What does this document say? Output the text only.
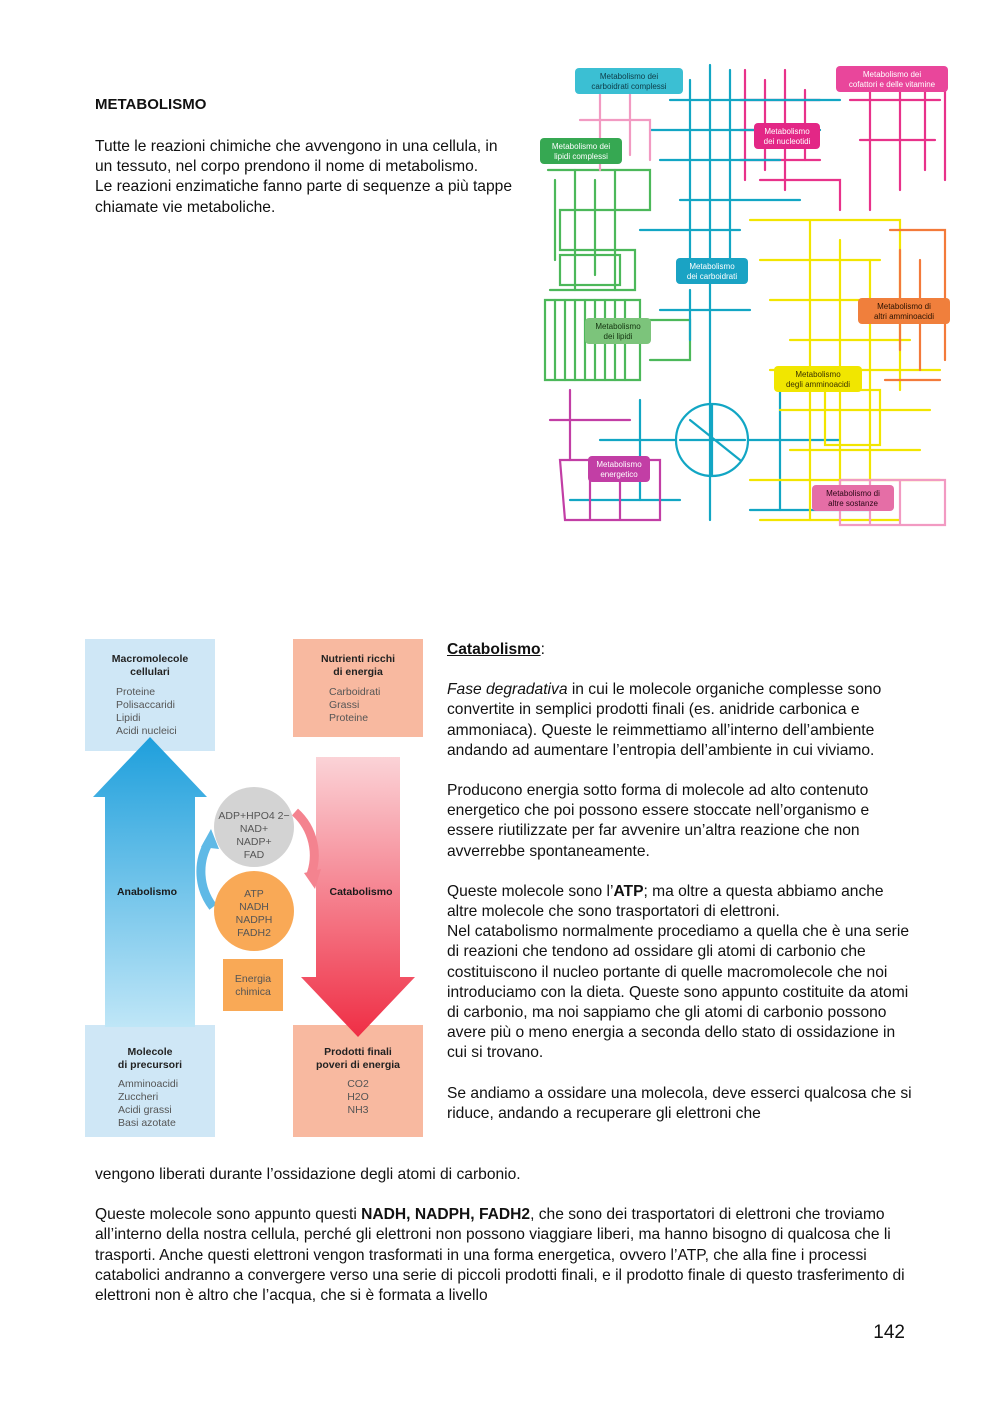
METABOLISMO

Tutte le reazioni chimiche che avvengono in una cellula, in un tessuto, nel corpo prendono il nome di metabolismo.

Le reazioni enzimatiche fanno parte di sequenze a più tappe chiamate vie metaboliche.

Metabolismo dei
carboidrati complessi
Metabolismo dei
cofattori e delle vitamine
Metabolismo dei
lipidi complessi
Metabolismo
dei nucleotidi
Metabolismo
dei carboidrati
Metabolismo di
altri amminoacidi
Metabolismo
dei lipidi
Metabolismo
degli amminoacidi
Metabolismo
energetico
Metabolismo di
altre sostanze
Macromolecole
cellulari
Nutrienti ricchi
di energia
Molecole
di precursori
Prodotti finali
poveri di energia
Anabolismo	Catabolismo
Proteine
Polisaccaridi
Lipidi
Acidi nucleici
Carboidrati
Grassi
Proteine
Amminoacidi
Zuccheri
Acidi grassi
Basi azotate
CO2
H2O
NH3
ADP+HPO4 2−
NAD+
NADP+
FAD
ATP
NADH
NADPH
FADH2
Energia
chimica

Catabolismo:

Fase degradativa in cui le molecole organiche complesse sono convertite in semplici prodotti finali (es. anidride carbonica e ammoniaca). Queste le reimmettiamo all’interno dell’ambiente andando ad aumentare l’entropia dell’ambiente in cui viviamo.

Producono energia sotto forma di molecole ad alto contenuto energetico che poi possono essere stoccate nell’organismo e essere riutilizzate per far avvenire un’altra reazione che non avverrebbe spontaneamente.

Queste molecole sono l’ATP; ma oltre a questa abbiamo anche altre molecole che sono trasportatori di elettroni.

Nel catabolismo normalmente procediamo a quella che è una serie di reazioni che tendono ad ossidare gli atomi di carbonio che costituiscono il nucleo portante di quelle macromolecole che noi introduciamo con la dieta. Queste sono appunto costituite da atomi di carbonio, ma noi sappiamo che gli atomi di carbonio possono avere più o meno energia a seconda dello stato di ossidazione in cui si trovano.

Se andiamo a ossidare una molecola, deve esserci qualcosa che si riduce, andando a recuperare gli elettroni che

vengono liberati durante l’ossidazione degli atomi di carbonio.

Queste molecole sono appunto questi NADH, NADPH, FADH2, che sono dei trasportatori di elettroni che troviamo all’interno della nostra cellula, perché gli elettroni non possono viaggiare liberi, ma hanno bisogno di qualcosa che li trasporti. Anche questi elettroni vengon trasformati in una forma energetica, ovvero l’ATP, che alla fine i processi catabolici andranno a convergere verso una serie di piccoli prodotti finali, e il prodotto finale di questo trasferimento di elettroni non è altro che l’acqua, che si è formata a livello

142
